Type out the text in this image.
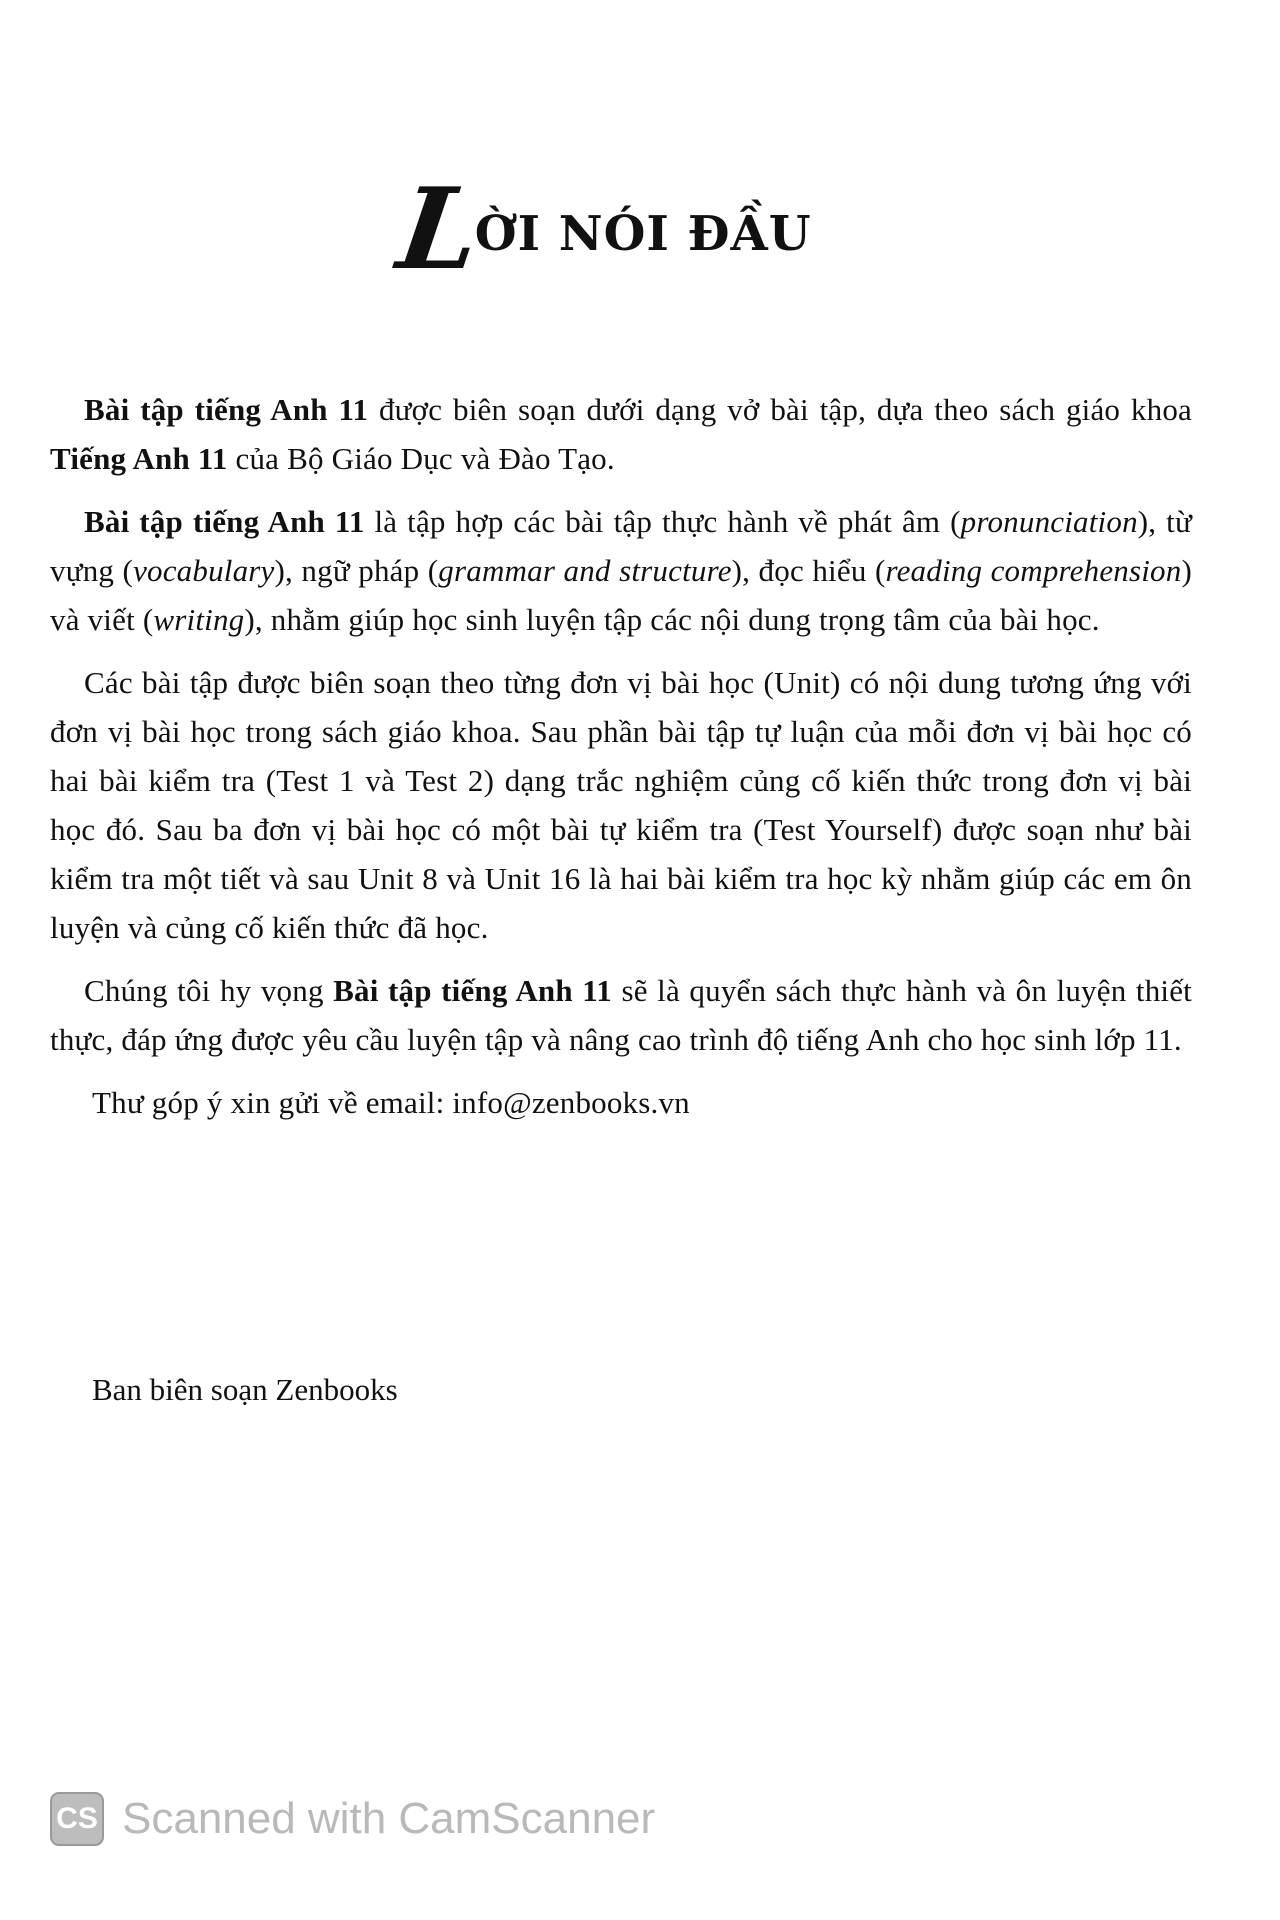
L
ỜI NÓI ĐẦU

Bài tập tiếng Anh 11 được biên soạn dưới dạng vở bài tập, dựa theo sách giáo khoa Tiếng Anh 11 của Bộ Giáo Dục và Đào Tạo.

Bài tập tiếng Anh 11 là tập hợp các bài tập thực hành về phát âm (pronunciation), từ vựng (vocabulary), ngữ pháp (grammar and structure), đọc hiểu (reading comprehension) và viết (writing), nhằm giúp học sinh luyện tập các nội dung trọng tâm của bài học.

Các bài tập được biên soạn theo từng đơn vị bài học (Unit) có nội dung tương ứng với đơn vị bài học trong sách giáo khoa. Sau phần bài tập tự luận của mỗi đơn vị bài học có hai bài kiểm tra (Test 1 và Test 2) dạng trắc nghiệm củng cố kiến thức trong đơn vị bài học đó. Sau ba đơn vị bài học có một bài tự kiểm tra (Test Yourself) được soạn như bài kiểm tra một tiết và sau Unit 8 và Unit 16 là hai bài kiểm tra học kỳ nhằm giúp các em ôn luyện và củng cố kiến thức đã học.

Chúng tôi hy vọng Bài tập tiếng Anh 11 sẽ là quyển sách thực hành và ôn luyện thiết thực, đáp ứng được yêu cầu luyện tập và nâng cao trình độ tiếng Anh cho học sinh lớp 11.

Thư góp ý xin gửi về email: info@zenbooks.vn

Ban biên soạn Zenbooks
CS Scanned with CamScanner
